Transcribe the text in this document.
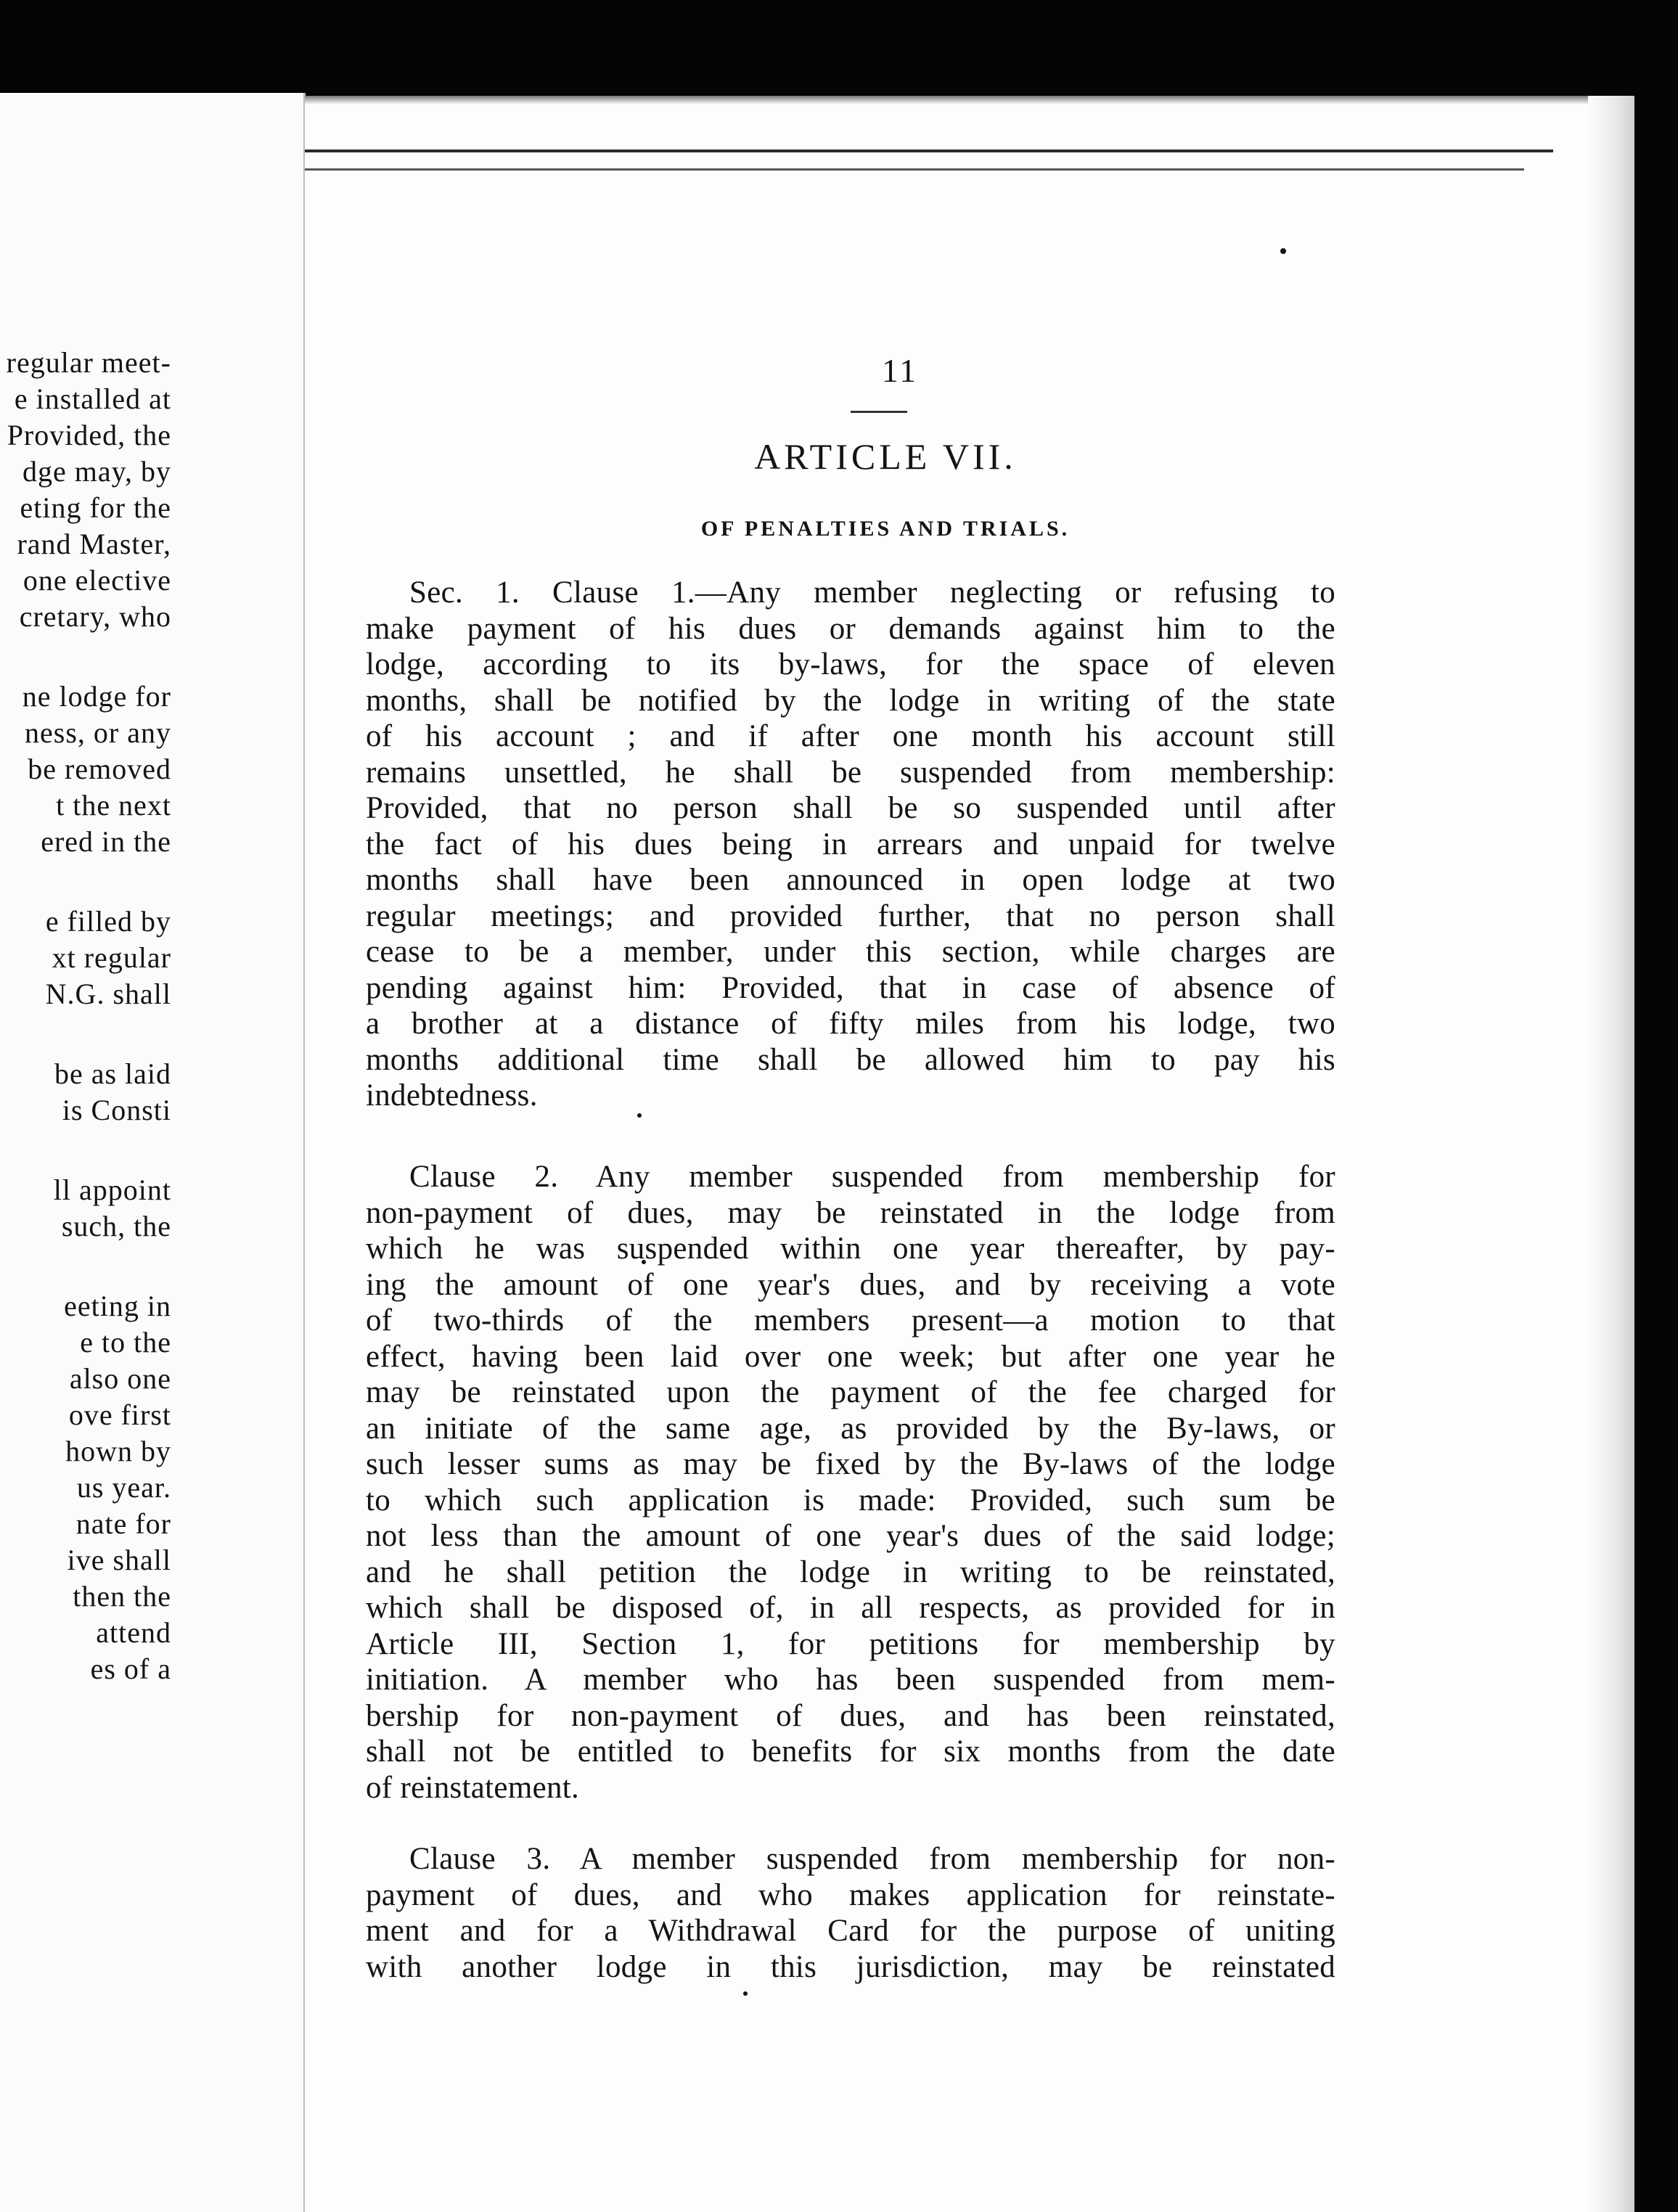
regular meet-

e installed at

Provided, the

dge may, by

eting for the

rand Master,

one elective

cretary, who

ne lodge for

ness, or any

be removed

t the next

ered in the

e filled by

xt regular

N.G. shall

be as laid

is Consti

ll appoint

such, the

eeting in

e to the

also one

ove first

hown by

us year.

nate for

ive shall

then the

attend

es of a

11

ARTICLE VII.
OF PENALTIES AND TRIALS.
Sec. 1. Clause 1.—Any member neglecting or refusing to
make payment of his dues or demands against him to the
lodge, according to its by-laws, for the space of eleven
months, shall be notified by the lodge in writing of the state
of his account ; and if after one month his account still
remains unsettled, he shall be suspended from membership:
Provided, that no person shall be so suspended until after
the fact of his dues being in arrears and unpaid for twelve
months shall have been announced in open lodge at two
regular meetings; and provided further, that no person shall
cease to be a member, under this section, while charges are
pending against him: Provided, that in case of absence of
a brother at a distance of fifty miles from his lodge, two
months additional time shall be allowed him to pay his
indebtedness.
Clause 2. Any member suspended from membership for
non-payment of dues, may be reinstated in the lodge from
which he was suspended within one year thereafter, by pay-
ing the amount of one year's dues, and by receiving a vote
of two-thirds of the members present—a motion to that
effect, having been laid over one week; but after one year he
may be reinstated upon the payment of the fee charged for
an initiate of the same age, as provided by the By-laws, or
such lesser sums as may be fixed by the By-laws of the lodge
to which such application is made: Provided, such sum be
not less than the amount of one year's dues of the said lodge;
and he shall petition the lodge in writing to be reinstated,
which shall be disposed of, in all respects, as provided for in
Article III, Section 1, for petitions for membership by
initiation. A member who has been suspended from mem-
bership for non-payment of dues, and has been reinstated,
shall not be entitled to benefits for six months from the date
of reinstatement.
Clause 3. A member suspended from membership for non-
payment of dues, and who makes application for reinstate-
ment and for a Withdrawal Card for the purpose of uniting
with another lodge in this jurisdiction, may be reinstated
